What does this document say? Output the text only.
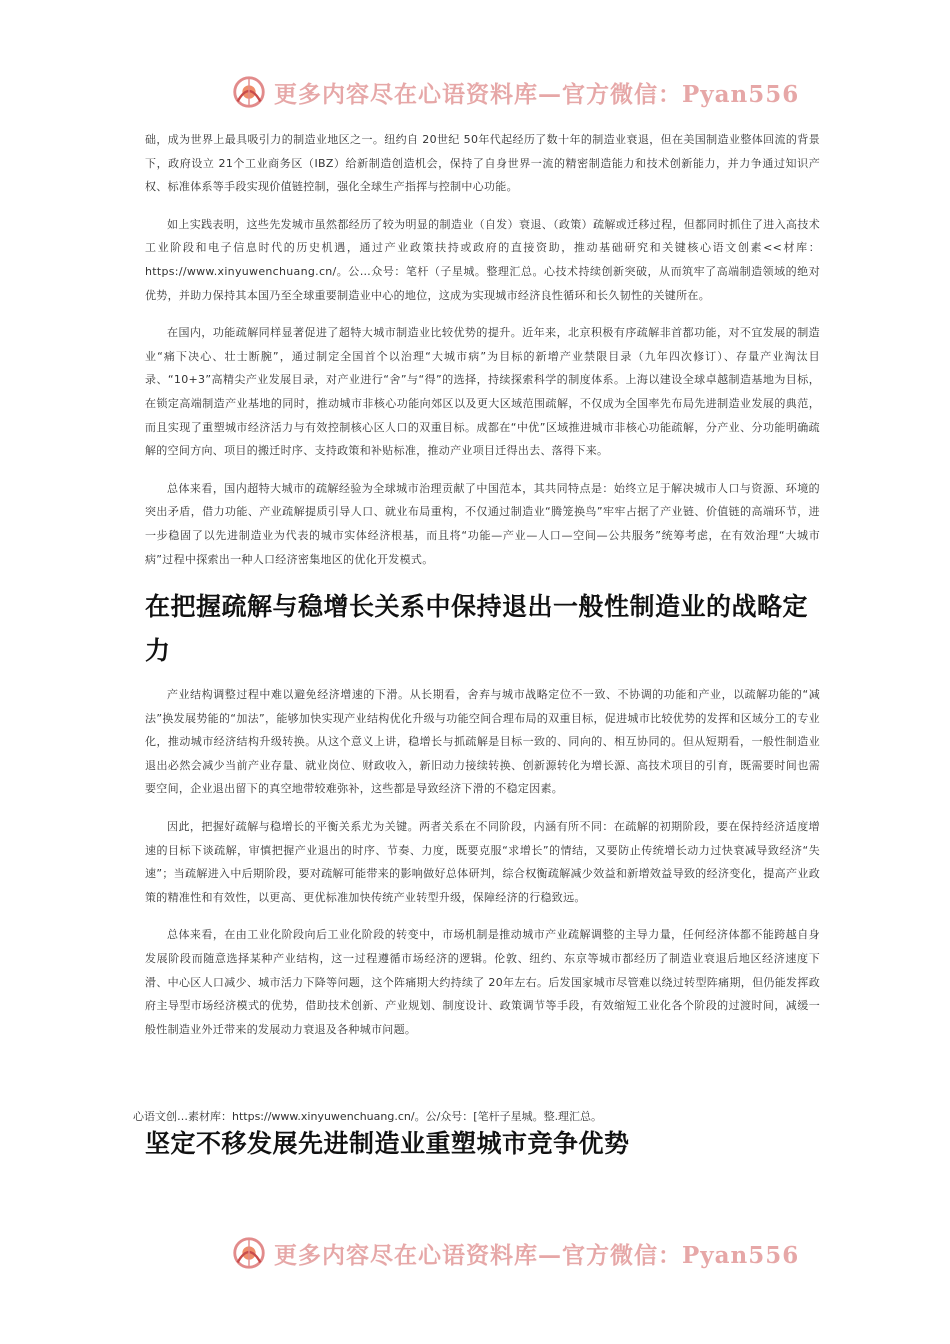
更多内容尽在心语资料库—官方微信：Pyan556

础，成为世界上最具吸引力的制造业地区之一。纽约自 20世纪 50年代起经历了数十年的制造业衰退，但在美国制造业整体回流的背景下，政府设立 21个工业商务区（IBZ）给新制造创造机会，保持了自身世界一流的精密制造能力和技术创新能力，并力争通过知识产权、标准体系等手段实现价值链控制，强化全球生产指挥与控制中心功能。

如上实践表明，这些先发城市虽然都经历了较为明显的制造业（自发）衰退、（政策）疏解或迁移过程，但都同时抓住了进入高技术工业阶段和电子信息时代的历史机遇，通过产业政策扶持或政府的直接资助，推动基础研究和关键核心语文创素<<材库：https://www.xinyuwenchuang.cn/。公…众号：笔杆（子星城。整理汇总。心技术持续创新突破，从而筑牢了高端制造领域的绝对优势，并助力保持其本国乃至全球重要制造业中心的地位，这成为实现城市经济良性循环和长久韧性的关键所在。

在国内，功能疏解同样显著促进了超特大城市制造业比较优势的提升。近年来，北京积极有序疏解非首都功能，对不宜发展的制造业“痛下决心、壮士断腕”，通过制定全国首个以治理“大城市病”为目标的新增产业禁限目录（九年四次修订）、存量产业淘汰目录、“10+3”高精尖产业发展目录，对产业进行“舍”与“得”的选择，持续探索科学的制度体系。上海以建设全球卓越制造基地为目标，在锁定高端制造产业基地的同时，推动城市非核心功能向郊区以及更大区域范围疏解，不仅成为全国率先布局先进制造业发展的典范，而且实现了重塑城市经济活力与有效控制核心区人口的双重目标。成都在“中优”区域推进城市非核心功能疏解，分产业、分功能明确疏解的空间方向、项目的搬迁时序、支持政策和补贴标准，推动产业项目迁得出去、落得下来。

总体来看，国内超特大城市的疏解经验为全球城市治理贡献了中国范本，其共同特点是：始终立足于解决城市人口与资源、环境的突出矛盾，借力功能、产业疏解提质引导人口、就业布局重构，不仅通过制造业“腾笼换鸟”牢牢占据了产业链、价值链的高端环节，进一步稳固了以先进制造业为代表的城市实体经济根基，而且将“功能—产业—人口—空间—公共服务”统筹考虑，在有效治理“大城市病”过程中探索出一种人口经济密集地区的优化开发模式。

在把握疏解与稳增长关系中保持退出一般性制造业的战略定力

产业结构调整过程中难以避免经济增速的下滑。从长期看，舍弃与城市战略定位不一致、不协调的功能和产业，以疏解功能的“减法”换发展势能的“加法”，能够加快实现产业结构优化升级与功能空间合理布局的双重目标，促进城市比较优势的发挥和区域分工的专业化，推动城市经济结构升级转换。从这个意义上讲，稳增长与抓疏解是目标一致的、同向的、相互协同的。但从短期看，一般性制造业退出必然会减少当前产业存量、就业岗位、财政收入，新旧动力接续转换、创新源转化为增长源、高技术项目的引育，既需要时间也需要空间，企业退出留下的真空地带较难弥补，这些都是导致经济下滑的不稳定因素。

因此，把握好疏解与稳增长的平衡关系尤为关键。两者关系在不同阶段，内涵有所不同：在疏解的初期阶段，要在保持经济适度增速的目标下谈疏解，审慎把握产业退出的时序、节奏、力度，既要克服“求增长”的情结，又要防止传统增长动力过快衰减导致经济“失速”；当疏解进入中后期阶段，要对疏解可能带来的影响做好总体研判，综合权衡疏解减少效益和新增效益导致的经济变化，提高产业政策的精准性和有效性，以更高、更优标准加快传统产业转型升级，保障经济的行稳致远。

总体来看，在由工业化阶段向后工业化阶段的转变中，市场机制是推动城市产业疏解调整的主导力量，任何经济体都不能跨越自身发展阶段而随意选择某种产业结构，这一过程遵循市场经济的逻辑。伦敦、纽约、东京等城市都经历了制造业衰退后地区经济速度下滑、中心区人口减少、城市活力下降等问题，这个阵痛期大约持续了 20年左右。后发国家城市尽管难以绕过转型阵痛期，但仍能发挥政府主导型市场经济模式的优势，借助技术创新、产业规划、制度设计、政策调节等手段，有效缩短工业化各个阶段的过渡时间，减缓一般性制造业外迁带来的发展动力衰退及各种城市问题。

心语文创…素材库：https://www.xinyuwenchuang.cn/。公/众号：[笔杆子星城。整.理汇总。
坚定不移发展先进制造业重塑城市竞争优势
更多内容尽在心语资料库—官方微信：Pyan556
